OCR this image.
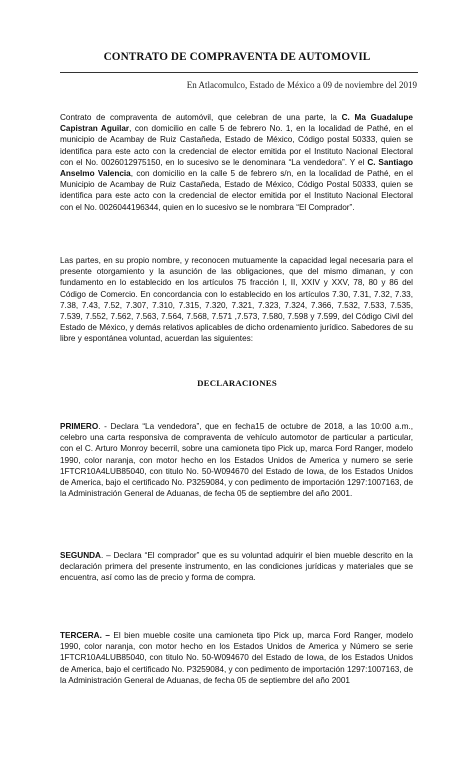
CONTRATO DE COMPRAVENTA DE AUTOMOVIL
En Atlacomulco, Estado de México a 09 de noviembre del 2019

Contrato de compraventa de automóvil, que celebran de una parte, la C. Ma Guadalupe Capistran Aguilar, con domicilio en calle 5 de febrero No. 1, en la localidad de Pathé, en el municipio de Acambay de Ruiz Castañeda, Estado de México, Código postal 50333, quien se identifica para este acto con la credencial de elector emitida por el Instituto Nacional Electoral con el No. 0026012975150, en lo sucesivo se le denominara “La vendedora”. Y el C. Santiago Anselmo Valencia, con domicilio en la calle 5 de febrero s/n, en la localidad de Pathé, en el Municipio de Acambay de Ruiz Castañeda, Estado de México, Código Postal 50333, quien se identifica para este acto con la credencial de elector emitida por el Instituto Nacional Electoral con el No. 0026044196344, quien en lo sucesivo se le nombrara “El Comprador”.

Las partes, en su propio nombre, y reconocen mutuamente la capacidad legal necesaria para el presente otorgamiento y la asunción de las obligaciones, que del mismo dimanan, y con fundamento en lo establecido en los artículos 75 fracción I, II, XXIV y XXV, 78, 80 y 86 del Código de Comercio. En concordancia con lo establecido en los artículos 7.30, 7.31, 7.32, 7.33, 7.38, 7.43, 7.52, 7.307, 7.310, 7.315, 7.320, 7.321, 7.323, 7.324, 7.366, 7.532, 7.533, 7.535, 7.539, 7.552, 7.562, 7.563, 7.564, 7.568, 7.571 ,7.573, 7.580, 7.598 y 7.599, del Código Civil del Estado de México, y demás relativos aplicables de dicho ordenamiento jurídico. Sabedores de su libre y espontánea voluntad, acuerdan las siguientes:

DECLARACIONES

PRIMERO. - Declara “La vendedora”, que en fecha15 de octubre de 2018, a las 10:00 a.m., celebro una carta responsiva de compraventa de vehículo automotor de particular a particular, con el C. Arturo Monroy becerril, sobre una camioneta tipo Pick up, marca Ford Ranger, modelo 1990, color naranja, con motor hecho en los Estados Unidos de America y numero se serie 1FTCR10A4LUB85040, con titulo No. 50-W094670 del Estado de Iowa, de los Estados Unidos de America, bajo el certificado No. P3259084, y con pedimento de importación 1297:1007163, de la Administración General de Aduanas, de fecha 05 de septiembre del año 2001.

SEGUNDA. – Declara “El comprador” que es su voluntad adquirir el bien mueble descrito en la declaración primera del presente instrumento, en las condiciones jurídicas y materiales que se encuentra, así como las de precio y forma de compra.

TERCERA. – El bien mueble cosite una camioneta tipo Pick up, marca Ford Ranger, modelo 1990, color naranja, con motor hecho en los Estados Unidos de America y Número se serie 1FTCR10A4LUB85040, con titulo No. 50-W094670 del Estado de Iowa, de los Estados Unidos de America, bajo el certificado No. P3259084, y con pedimento de importación 1297:1007163, de la Administración General de Aduanas, de fecha 05 de septiembre del año 2001
